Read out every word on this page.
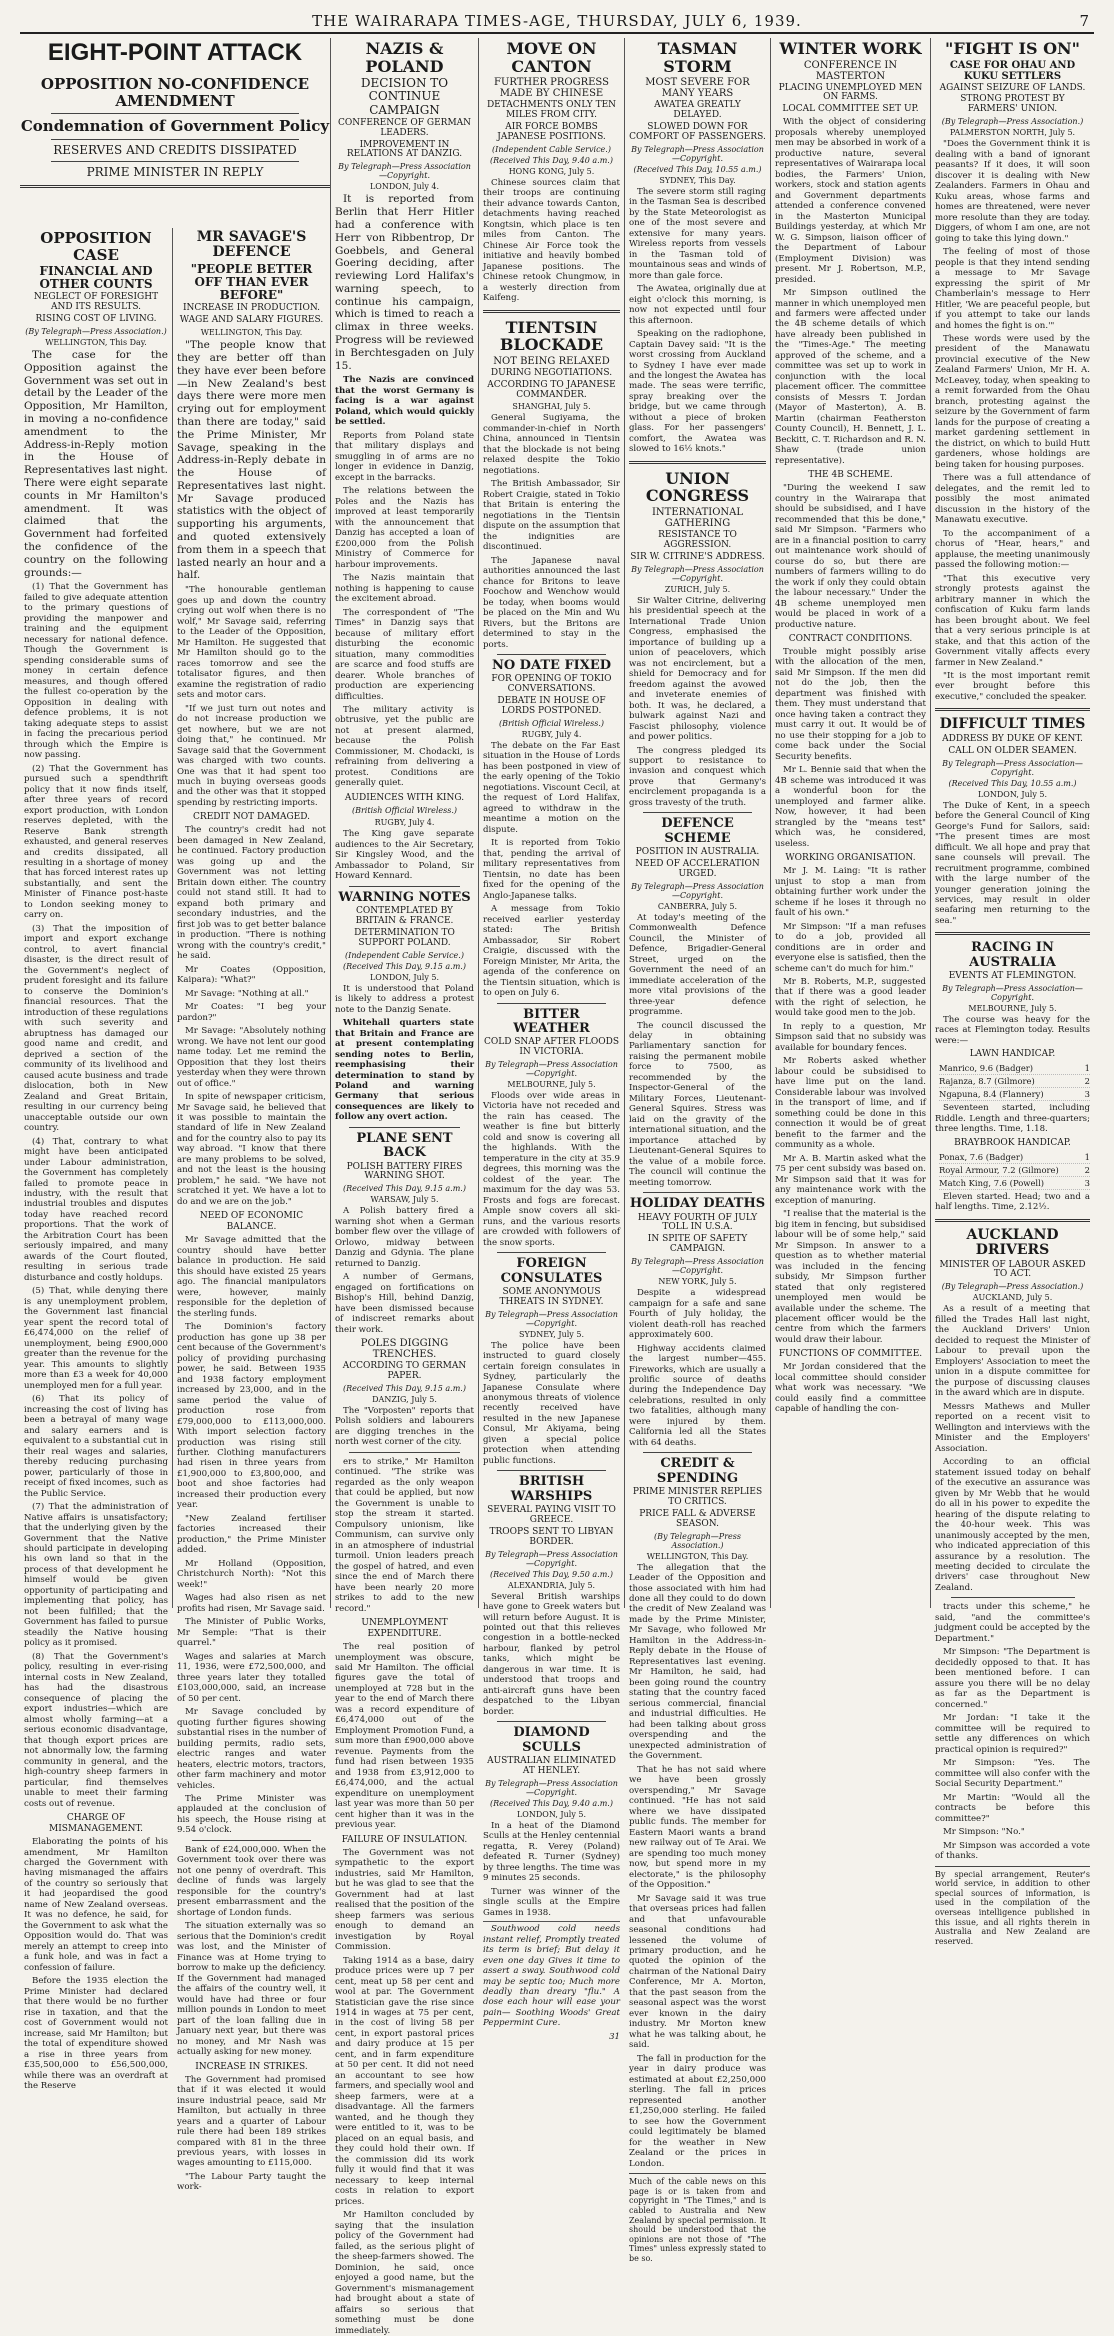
THE WAIRARAPA TIMES-AGE, THURSDAY, JULY 6, 1939.	7
EIGHT-POINT ATTACK
OPPOSITION NO-CONFIDENCE AMENDMENT
Condemnation of Government Policy
RESERVES AND CREDITS DISSIPATED
PRIME MINISTER IN REPLY
OPPOSITION CASE
FINANCIAL AND OTHER COUNTS
NEGLECT OF FORESIGHT AND ITS RESULTS.
RISING COST OF LIVING.
(By Telegraph—Press Association.)
WELLINGTON, This Day.

The case for the Opposition against the Government was set out in detail by the Leader of the Opposition, Mr Hamilton, in moving a no-confidence amendment to the Address-in-Reply motion in the House of Representatives last night. There were eight separate counts in Mr Hamilton's amendment. It was claimed that the Government had forfeited the confidence of the country on the following grounds:—

(1) That the Government has failed to give adequate attention to the primary questions of providing the manpower and training and the equipment necessary for national defence. Though the Government is spending considerable sums of money in certain defence measures, and though offered the fullest co-operation by the Opposition in dealing with defence problems, it is not taking adequate steps to assist in facing the precarious period through which the Empire is now passing.

(2) That the Government has pursued such a spendthrift policy that it now finds itself, after three years of record export production, with London reserves depleted, with the Reserve Bank strength exhausted, and general reserves and credits dissipated, all resulting in a shortage of money that has forced interest rates up substantially, and sent the Minister of Finance post-haste to London seeking money to carry on.

(3) That the imposition of import and export exchange control, to avert financial disaster, is the direct result of the Government's neglect of prudent foresight and its failure to conserve the Dominion's financial resources. That the introduction of these regulations with such severity and abruptness has damaged our good name and credit, and deprived a section of the community of its livelihood and caused acute business and trade dislocation, both in New Zealand and Great Britain, resulting in our currency being unacceptable outside our own country.

(4) That, contrary to what might have been anticipated under Labour administration, the Government has completely failed to promote peace in industry, with the result that industrial troubles and disputes today have reached record proportions. That the work of the Arbitration Court has been seriously impaired, and many awards of the Court flouted, resulting in serious trade disturbance and costly holdups.

(5) That, while denying there is any unemployment problem, the Government last financial year spent the record total of £6,474,000 on the relief of unemployment, being £900,000 greater than the revenue for the year. This amounts to slightly more than £3 a week for 40,000 unemployed men for a full year.

(6) That its policy of increasing the cost of living has been a betrayal of many wage and salary earners and is equivalent to a substantial cut in their real wages and salaries, thereby reducing purchasing power, particularly of those in receipt of fixed incomes, such as the Public Service.

(7) That the administration of Native affairs is unsatisfactory; that the underlying given by the Government that the Native should participate in developing his own land so that in the process of that development he himself would be given opportunity of participating and implementing that policy, has not been fulfilled; that the Government has failed to pursue steadily the Native housing policy as it promised.

(8) That the Government's policy, resulting in ever-rising internal costs in New Zealand, has had the disastrous consequence of placing the export industries—which are almost wholly farming—at a serious economic disadvantage, that though export prices are not abnormally low, the farming community in general, and the high-country sheep farmers in particular, find themselves unable to meet their farming costs out of revenue.

CHARGE OF MISMANAGEMENT.

Elaborating the points of his amendment, Mr Hamilton charged the Government with having mismanaged the affairs of the country so seriously that it had jeopardised the good name of New Zealand overseas. It was no defence, he said, for the Government to ask what the Opposition would do. That was merely an attempt to creep into a funk hole, and was in fact a confession of failure.

Before the 1935 election the Prime Minister had declared that there would be no further rise in taxation, and that the cost of Government would not increase, said Mr Hamilton; but the total of expenditure showed a rise in three years from £35,500,000 to £56,500,000, while there was an overdraft at the Reserve

MR SAVAGE'S DEFENCE
"PEOPLE BETTER OFF THAN EVER BEFORE"
INCREASE IN PRODUCTION.
WAGE AND SALARY FIGURES.
WELLINGTON, This Day.

"The people know that they are better off than they have ever been before—in New Zealand's best days there were more men crying out for employment than there are today," said the Prime Minister, Mr Savage, speaking in the Address-in-Reply debate in the House of Representatives last night. Mr Savage produced statistics with the object of supporting his arguments, and quoted extensively from them in a speech that lasted nearly an hour and a half.

"The honourable gentleman goes up and down the country crying out wolf when there is no wolf," Mr Savage said, referring to the Leader of the Opposition, Mr Hamilton. He suggested that Mr Hamilton should go to the races tomorrow and see the totalisator figures, and then examine the registration of radio sets and motor cars.

"If we just turn out notes and do not increase production we get nowhere, but we are not doing that," he continued. Mr Savage said that the Government was charged with two counts. One was that it had spent too much in buying overseas goods and the other was that it stopped spending by restricting imports.

CREDIT NOT DAMAGED.

The country's credit had not been damaged in New Zealand, he continued. Factory production was going up and the Government was not letting Britain down either. The country could not stand still. It had to expand both primary and secondary industries, and the first job was to get better balance in production. "There is nothing wrong with the country's credit," he said.

Mr Coates (Opposition, Kaipara): "What?"

Mr Savage: "Nothing at all."

Mr Coates: "I beg your pardon?"

Mr Savage: "Absolutely nothing wrong. We have not lent our good name today. Let me remind the Opposition that they lost theirs yesterday when they were thrown out of office."

In spite of newspaper criticism, Mr Savage said, he believed that it was possible to maintain the standard of life in New Zealand and for the country also to pay its way abroad. "I know that there are many problems to be solved, and not the least is the housing problem," he said. "We have not scratched it yet. We have a lot to do and we are on the job."

NEED OF ECONOMIC BALANCE.

Mr Savage admitted that the country should have better balance in production. He said this should have existed 25 years ago. The financial manipulators were, however, mainly responsible for the depletion of the sterling funds.

The Dominion's factory production has gone up 38 per cent because of the Government's policy of providing purchasing power, he said. Between 1935 and 1938 factory employment increased by 23,000, and in the same period the value of production rose from £79,000,000 to £113,000,000. With import selection factory production was rising still further. Clothing manufacturers had risen in three years from £1,900,000 to £3,800,000, and boot and shoe factories had increased their production every year.

"New Zealand fertiliser factories increased their production," the Prime Minister added.

Mr Holland (Opposition, Christchurch North): "Not this week!"

Wages had also risen as net profits had risen, Mr Savage said.

The Minister of Public Works, Mr Semple: "That is their quarrel."

Wages and salaries at March 11, 1936, were £72,500,000, and three years later they totalled £103,000,000, said, an increase of 50 per cent.

Mr Savage concluded by quoting further figures showing substantial rises in the number of building permits, radio sets, electric ranges and water heaters, electric motors, tractors, other farm machinery and motor vehicles.

The Prime Minister was applauded at the conclusion of his speech, the House rising at 9.54 o'clock.

Bank of £24,000,000. When the Government took over there was not one penny of overdraft. This decline of funds was largely responsible for the country's present embarrassment and the shortage of London funds.

The situation externally was so serious that the Dominion's credit was lost, and the Minister of Finance was at Home trying to borrow to make up the deficiency. If the Government had managed the affairs of the country well, it would have had three or four million pounds in London to meet part of the loan falling due in January next year, but there was no money, and Mr Nash was actually asking for new money.

INCREASE IN STRIKES.

The Government had promised that if it was elected it would insure industrial peace, said Mr Hamilton, but actually in three years and a quarter of Labour rule there had been 189 strikes compared with 81 in the three previous years, with losses in wages amounting to £115,000.

"The Labour Party taught the work-

NAZIS & POLAND
DECISION TO CONTINUE CAMPAIGN
CONFERENCE OF GERMAN LEADERS.
IMPROVEMENT IN RELATIONS AT DANZIG.
By Telegraph—Press Association—Copyright.
LONDON, July 4.

It is reported from Berlin that Herr Hitler had a conference with Herr von Ribbentrop, Dr Goebbels, and General Goering deciding, after reviewing Lord Halifax's warning speech, to continue his campaign, which is timed to reach a climax in three weeks. Progress will be reviewed in Berchtesgaden on July 15.

The Nazis are convinced that the worst Germany is facing is a war against Poland, which would quickly be settled.

Reports from Poland state that military displays and smuggling in of arms are no longer in evidence in Danzig, except in the barracks.

The relations between the Poles and the Nazis has improved at least temporarily with the announcement that Danzig has accepted a loan of £200,000 from the Polish Ministry of Commerce for harbour improvements.

The Nazis maintain that nothing is happening to cause the excitement abroad.

The correspondent of "The Times" in Danzig says that because of military effort disturbing the economic situation, many commodities are scarce and food stuffs are dearer. Whole branches of production are experiencing difficulties.

The military activity is obtrusive, yet the public are not at present alarmed, because the Polish Commissioner, M. Chodacki, is refraining from delivering a protest. Conditions are generally quiet.

AUDIENCES WITH KING.
(British Official Wireless.)
RUGBY, July 4.

The King gave separate audiences to the Air Secretary, Sir Kingsley Wood, and the Ambassador to Poland, Sir Howard Kennard.

WARNING NOTES
CONTEMPLATED BY BRITAIN & FRANCE.
DETERMINATION TO SUPPORT POLAND.
(Independent Cable Service.)
(Received This Day, 9.15 a.m.)
LONDON, July 5.

It is understood that Poland is likely to address a protest note to the Danzig Senate.

Whitehall quarters state that Britain and France are at present contemplating sending notes to Berlin, reemphasising their determination to stand by Poland and warning Germany that serious consequences are likely to follow any overt action.

PLANE SENT BACK
POLISH BATTERY FIRES WARNING SHOT.
(Received This Day, 9.15 a.m.)
WARSAW, July 5.

A Polish battery fired a warning shot when a German bomber flew over the village of Orlowo, midway between Danzig and Gdynia. The plane returned to Danzig.

A number of Germans, engaged on fortifications on Bishop's Hill, behind Danzig, have been dismissed because of indiscreet remarks about their work.

POLES DIGGING TRENCHES.
ACCORDING TO GERMAN PAPER.
(Received This Day, 9.15 a.m.)
DANZIG, July 5.

The "Vorposten" reports that Polish soldiers and labourers are digging trenches in the north west corner of the city.

ers to strike," Mr Hamilton continued. "The strike was regarded as the only weapon that could be applied, but now the Government is unable to stop the stream it started. Compulsory unionism, like Communism, can survive only in an atmosphere of industrial turmoil. Union leaders preach the gospel of hatred, and even since the end of March there have been nearly 20 more strikes to add to the new record."

UNEMPLOYMENT EXPENDITURE.

The real position of unemployment was obscure, said Mr Hamilton. The official figures gave the total of unemployed at 728 but in the year to the end of March there was a record expenditure of £6,474,000 out of the Employment Promotion Fund, a sum more than £900,000 above revenue. Payments from the fund had risen between 1935 and 1938 from £3,912,000 to £6,474,000, and the actual expenditure on unemployment last year was more than 50 per cent higher than it was in the previous year.

FAILURE OF INSULATION.

The Government was not sympathetic to the export industries, said Mr Hamilton, but he was glad to see that the Government had at last realised that the position of the sheep farmers was serious enough to demand an investigation by Royal Commission.

Taking 1914 as a base, dairy produce prices were up 7 per cent, meat up 58 per cent and wool at par. The Government Statistician gave the rise since 1914 in wages at 75 per cent, in the cost of living 58 per cent, in export pastoral prices and dairy produce at 15 per cent, and in farm expenditure at 50 per cent. It did not need an accountant to see how farmers, and specially wool and sheep farmers, were at a disadvantage. All the farmers wanted, and he though they were entitled to it, was to be placed on an equal basis, and they could hold their own. If the commission did its work fully it would find that it was necessary to keep internal costs in relation to export prices.

Mr Hamilton concluded by saying that the insulation policy of the Government had failed, as the serious plight of the sheep-farmers showed. The Dominion, he said, once enjoyed a good name, but the Government's mismanagement had brought about a state of affairs so serious that something must be done immediately.

MOVE ON CANTON
FURTHER PROGRESS MADE BY CHINESE
DETACHMENTS ONLY TEN MILES FROM CITY.
AIR FORCE BOMBS JAPANESE POSITIONS.
(Independent Cable Service.)
(Received This Day, 9.40 a.m.)
HONG KONG, July 5.

Chinese sources claim that their troops are continuing their advance towards Canton, detachments having reached Kongtsin, which place is ten miles from Canton. The Chinese Air Force took the initiative and heavily bombed Japanese positions. The Chinese retook Chungmow, in a westerly direction from Kaifeng.

TIENTSIN BLOCKADE
NOT BEING RELAXED
DURING NEGOTIATIONS.
ACCORDING TO JAPANESE COMMANDER.
SHANGHAI, July 5.

General Sugiyama, the commander-in-chief in North China, announced in Tientsin that the blockade is not being relaxed despite the Tokio negotiations.

The British Ambassador, Sir Robert Craigie, stated in Tokio that Britain is entering the negotiations in the Tientsin dispute on the assumption that the indignities are discontinued.

The Japanese naval authorities announced the last chance for Britons to leave Foochow and Wenchow would be today, when booms would be placed on the Min and Wu Rivers, but the Britons are determined to stay in the ports.

NO DATE FIXED
FOR OPENING OF TOKIO CONVERSATIONS.
DEBATE IN HOUSE OF LORDS POSTPONED.
(British Official Wireless.)
RUGBY, July 4.

The debate on the Far East situation in the House of Lords has been postponed in view of the early opening of the Tokio negotiations. Viscount Cecil, at the request of Lord Halifax, agreed to withdraw in the meantime a motion on the dispute.

It is reported from Tokio that, pending the arrival of military representatives from Tientsin, no date has been fixed for the opening of the Anglo-Japanese talks.

A message from Tokio received earlier yesterday stated: The British Ambassador, Sir Robert Craigie, discussed with the Foreign Minister, Mr Arita, the agenda of the conference on the Tientsin situation, which is to open on July 6.

BITTER WEATHER
COLD SNAP AFTER FLOODS IN VICTORIA.
By Telegraph—Press Association—Copyright.
MELBOURNE, July 5.

Floods over wide areas in Victoria have not receded and the rain has ceased. The weather is fine but bitterly cold and snow is covering all the highlands. With the temperature in the city at 35.9 degrees, this morning was the coldest of the year. The maximum for the day was 53. Frosts and fogs are forecast. Ample snow covers all ski-runs, and the various resorts are crowded with followers of the snow sports.

FOREIGN CONSULATES
SOME ANONYMOUS THREATS IN SYDNEY.
By Telegraph—Press Association—Copyright.
SYDNEY, July 5.

The police have been instructed to guard closely certain foreign consulates in Sydney, particularly the Japanese Consulate where anonymous threats of violence recently received have resulted in the new Japanese Consul, Mr Akiyama, being given a special police protection when attending public functions.

BRITISH WARSHIPS
SEVERAL PAYING VISIT TO GREECE.
TROOPS SENT TO LIBYAN BORDER.
By Telegraph—Press Association—Copyright.
(Received This Day, 9.50 a.m.)
ALEXANDRIA, July 5.

Several British warships have gone to Greek waters but will return before August. It is pointed out that this relieves congestion in a bottle-necked harbour, flanked by petrol tanks, which might be dangerous in war time. It is understood that troops and anti-aircraft guns have been despatched to the Libyan border.

DIAMOND SCULLS
AUSTRALIAN ELIMINATED AT HENLEY.
By Telegraph—Press Association—Copyright.
(Received This Day, 9.40 a.m.)
LONDON, July 5.

In a heat of the Diamond Sculls at the Henley centennial regatta, R. Verey (Poland) defeated R. Turner (Sydney) by three lengths. The time was 9 minutes 25 seconds.

Turner was winner of the single sculls at the Empire Games in 1938.

Southwood cold needs instant relief, Promptly treated its term is brief; But delay it even one day Gives it time to assert a sway. Southwood cold may be septic too; Much more deadly than dreary "flu." A dose each hour will ease your pain— Soothing Woods' Great Peppermint Cure.

31
TASMAN STORM
MOST SEVERE FOR MANY YEARS
AWATEA GREATLY DELAYED.
SLOWED DOWN FOR COMFORT OF PASSENGERS.
By Telegraph—Press Association—Copyright.
(Received This Day, 10.55 a.m.)
SYDNEY, This Day.

The severe storm still raging in the Tasman Sea is described by the State Meteorologist as one of the most severe and extensive for many years. Wireless reports from vessels in the Tasman told of mountainous seas and winds of more than gale force.

The Awatea, originally due at eight o'clock this morning, is now not expected until four this afternoon.

Speaking on the radiophone, Captain Davey said: "It is the worst crossing from Auckland to Sydney I have ever made and the longest the Awatea has made. The seas were terrific, spray breaking over the bridge, but we came through without a piece of broken glass. For her passengers' comfort, the Awatea was slowed to 16½ knots."

UNION CONGRESS
INTERNATIONAL GATHERING
RESISTANCE TO AGGRESSION.
SIR W. CITRINE'S ADDRESS.
By Telegraph—Press Association—Copyright.
ZURICH, July 5.

Sir Walter Citrine, delivering his presidential speech at the International Trade Union Congress, emphasised the importance of building up a union of peacelovers, which was not encirclement, but a shield for Democracy and for freedom against the avowed and inveterate enemies of both. It was, he declared, a bulwark against Nazi and Fascist philosophy, violence and power politics.

The congress pledged its support to resistance to invasion and conquest which prove that Germany's encirclement propaganda is a gross travesty of the truth.

DEFENCE SCHEME
POSITION IN AUSTRALIA.
NEED OF ACCELERATION URGED.
By Telegraph—Press Association—Copyright.
CANBERRA, July 5.

At today's meeting of the Commonwealth Defence Council, the Minister of Defence, Brigadier-General Street, urged on the Government the need of an immediate acceleration of the more vital provisions of the three-year defence programme.

The council discussed the delay in obtaining Parliamentary sanction for raising the permanent mobile force to 7500, as recommended by the Inspector-General of the Military Forces, Lieutenant-General Squires. Stress was laid on the gravity of the international situation, and the importance attached by Lieutenant-General Squires to the value of a mobile force. The council will continue the meeting tomorrow.

HOLIDAY DEATHS
HEAVY FOURTH OF JULY TOLL IN U.S.A.
IN SPITE OF SAFETY CAMPAIGN.
By Telegraph—Press Association—Copyright.
NEW YORK, July 5.

Despite a widespread campaign for a safe and sane Fourth of July holiday, the violent death-roll has reached approximately 600.

Highway accidents claimed the largest number—455. Fireworks, which are usually a prolific source of deaths during the Independence Day celebrations, resulted in only two fatalities, although many were injured by them. California led all the States with 64 deaths.

CREDIT & SPENDING
PRIME MINISTER REPLIES TO CRITICS.
PRICE FALL & ADVERSE SEASON.
(By Telegraph—Press Association.)
WELLINGTON, This Day.

The allegation that the Leader of the Opposition and those associated with him had done all they could to do down the credit of New Zealand was made by the Prime Minister, Mr Savage, who followed Mr Hamilton in the Address-in-Reply debate in the House of Representatives last evening. Mr Hamilton, he said, had been going round the country stating that the country faced serious commercial, financial and industrial difficulties. He had been talking about gross overspending and the unexpected administration of the Government.

That he has not said where we have been grossly overspending," Mr Savage continued. "He has not said where we have dissipated public funds. The member for Eastern Maori wants a brand new railway out of Te Arai. We are spending too much money now, but spend more in my electorate," is the philosophy of the Opposition."

Mr Savage said it was true that overseas prices had fallen and that unfavourable seasonal conditions had lessened the volume of primary production, and he quoted the opinion of the chairman of the National Dairy Conference, Mr A. Morton, that the past season from the seasonal aspect was the worst ever known in the dairy industry. Mr Morton knew what he was talking about, he said.

The fall in production for the year in dairy produce was estimated at about £2,250,000 sterling. The fall in prices represented another £1,250,000 sterling. He failed to see how the Government could legitimately be blamed for the weather in New Zealand or the prices in London.

Much of the cable news on this page is or is taken from and copyright in "The Times," and is cabled to Australia and New Zealand by special permission. It should be understood that the opinions are not those of "The Times" unless expressly stated to be so.
WINTER WORK
CONFERENCE IN MASTERTON
PLACING UNEMPLOYED MEN ON FARMS.
LOCAL COMMITTEE SET UP.

With the object of considering proposals whereby unemployed men may be absorbed in work of a productive nature, several representatives of Wairarapa local bodies, the Farmers' Union, workers, stock and station agents and Government departments attended a conference convened in the Masterton Municipal Buildings yesterday, at which Mr W. G. Simpson, liaison officer of the Department of Labour (Employment Division) was present. Mr J. Robertson, M.P., presided.

Mr Simpson outlined the manner in which unemployed men and farmers were affected under the 4B scheme details of which have already been published in the "Times-Age." The meeting approved of the scheme, and a committee was set up to work in conjunction with the local placement officer. The committee consists of Messrs T. Jordan (Mayor of Masterton), A. B. Martin (chairman Featherston County Council), H. Bennett, J. L. Beckitt, C. T. Richardson and R. N. Shaw (trade union representative).

THE 4B SCHEME.

"During the weekend I saw country in the Wairarapa that should be subsidised, and I have recommended that this be done," said Mr Simpson. "Farmers who are in a financial position to carry out maintenance work should of course do so, but there are numbers of farmers willing to do the work if only they could obtain the labour necessary." Under the 4B scheme unemployed men would be placed in work of a productive nature.

CONTRACT CONDITIONS.

Trouble might possibly arise with the allocation of the men, said Mr Simpson. If the men did not do the job, then the department was finished with them. They must understand that once having taken a contract they must carry it out. It would be of no use their stopping for a job to come back under the Social Security benefits.

Mr L. Bennie said that when the 4B scheme was introduced it was a wonderful boon for the unemployed and farmer alike. Now, however, it had been strangled by the "means test" which was, he considered, useless.

WORKING ORGANISATION.

Mr J. M. Laing: "It is rather unjust to stop a man from obtaining further work under the scheme if he loses it through no fault of his own."

Mr Simpson: "If a man refuses to do a job, provided all conditions are in order and everyone else is satisfied, then the scheme can't do much for him."

Mr B. Roberts, M.P., suggested that if there was a good leader with the right of selection, he would take good men to the job.

In reply to a question, Mr Simpson said that no subsidy was available for boundary fences.

Mr Roberts asked whether labour could be subsidised to have lime put on the land. Considerable labour was involved in the transport of lime, and if something could be done in this connection it would be of great benefit to the farmer and the community as a whole.

Mr A. B. Martin asked what the 75 per cent subsidy was based on. Mr Simpson said that it was for any maintenance work with the exception of manuring.

"I realise that the material is the big item in fencing, but subsidised labour will be of some help," said Mr Simpson. In answer to a question as to whether material was included in the fencing subsidy, Mr Simpson further stated that only registered unemployed men would be available under the scheme. The placement officer would be the centre from which the farmers would draw their labour.

FUNCTIONS OF COMMITTEE.

Mr Jordan considered that the local committee should consider what work was necessary. "We could easily find a committee capable of handling the con-

"FIGHT IS ON"
CASE FOR OHAU AND KUKU SETTLERS
AGAINST SEIZURE OF LANDS.
STRONG PROTEST BY FARMERS' UNION.
(By Telegraph—Press Association.)
PALMERSTON NORTH, July 5.

"Does the Government think it is dealing with a band of ignorant peasants? If it does, it will soon discover it is dealing with New Zealanders. Farmers in Ohau and Kuku areas, whose farms and homes are threatened, were never more resolute than they are today. Diggers, of whom I am one, are not going to take this lying down."

The feeling of most of those people is that they intend sending a message to Mr Savage expressing the spirit of Mr Chamberlain's message to Herr Hitler, 'We are peaceful people, but if you attempt to take our lands and homes the fight is on.'"

These words were used by the president of the Manawatu provincial executive of the New Zealand Farmers' Union, Mr H. A. McLeavey, today, when speaking to a remit forwarded from the Ohau branch, protesting against the seizure by the Government of farm lands for the purpose of creating a market gardening settlement in the district, on which to build Hutt gardeners, whose holdings are being taken for housing purposes.

There was a full attendance of delegates, and the remit led to possibly the most animated discussion in the history of the Manawatu executive.

To the accompaniment of a chorus of "Hear, hears," and applause, the meeting unanimously passed the following motion:—

"That this executive very strongly protests against the arbitrary manner in which the confiscation of Kuku farm lands has been brought about. We feel that a very serious principle is at stake, and that this action of the Government vitally affects every farmer in New Zealand."

"It is the most important remit ever brought before this executive," concluded the speaker.

DIFFICULT TIMES
ADDRESS BY DUKE OF KENT.
CALL ON OLDER SEAMEN.
By Telegraph—Press Association—Copyright.
(Received This Day, 10.55 a.m.)
LONDON, July 5.

The Duke of Kent, in a speech before the General Council of King George's Fund for Sailors, said: "The present times are most difficult. We all hope and pray that sane counsels will prevail. The recruitment programme, combined with the large number of the younger generation joining the services, may result in older seafaring men returning to the sea."

RACING IN AUSTRALIA
EVENTS AT FLEMINGTON.
By Telegraph—Press Association—Copyright.
MELBOURNE, July 5.

The course was heavy for the races at Flemington today. Results were:—

LAWN HANDICAP.
Manrico, 9.6 (Badger)	1
Rajanza, 8.7 (Gilmore)	2
Ngapuna, 8.4 (Flannery)	3

Seventeen started, including Riddle. Length and three-quarters; three lengths. Time, 1.18.

BRAYBROOK HANDICAP.
Ponax, 7.6 (Badger)	1
Royal Armour, 7.2 (Gilmore)	2
Match King, 7.6 (Powell)	3

Eleven started. Head; two and a half lengths. Time, 2.12½.

AUCKLAND DRIVERS
MINISTER OF LABOUR ASKED TO ACT.
(By Telegraph—Press Association.)
AUCKLAND, July 5.

As a result of a meeting that filled the Trades Hall last night, the Auckland Drivers' Union decided to request the Minister of Labour to prevail upon the Employers' Association to meet the union in a dispute committee for the purpose of discussing clauses in the award which are in dispute.

Messrs Mathews and Muller reported on a recent visit to Wellington and interviews with the Minister and the Employers' Association.

According to an official statement issued today on behalf of the executive an assurance was given by Mr Webb that he would do all in his power to expedite the hearing of the dispute relating to the 40-hour week. This was unanimously accepted by the men, who indicated appreciation of this assurance by a resolution. The meeting decided to circulate the drivers' case throughout New Zealand.

tracts under this scheme," he said, "and the committee's judgment could be accepted by the Department."

Mr Simpson: "The Department is decidedly opposed to that. It has been mentioned before. I can assure you there will be no delay as far as the Department is concerned."

Mr Jordan: "I take it the committee will be required to settle any differences on which practical opinion is required?"

Mr Simpson: "Yes. The committee will also confer with the Social Security Department."

Mr Martin: "Would all the contracts be before this committee?"

Mr Simpson: "No."

Mr Simpson was accorded a vote of thanks.

By special arrangement, Reuter's world service, in addition to other special sources of information, is used in the compilation of the overseas intelligence published in this issue, and all rights therein in Australia and New Zealand are reserved.
